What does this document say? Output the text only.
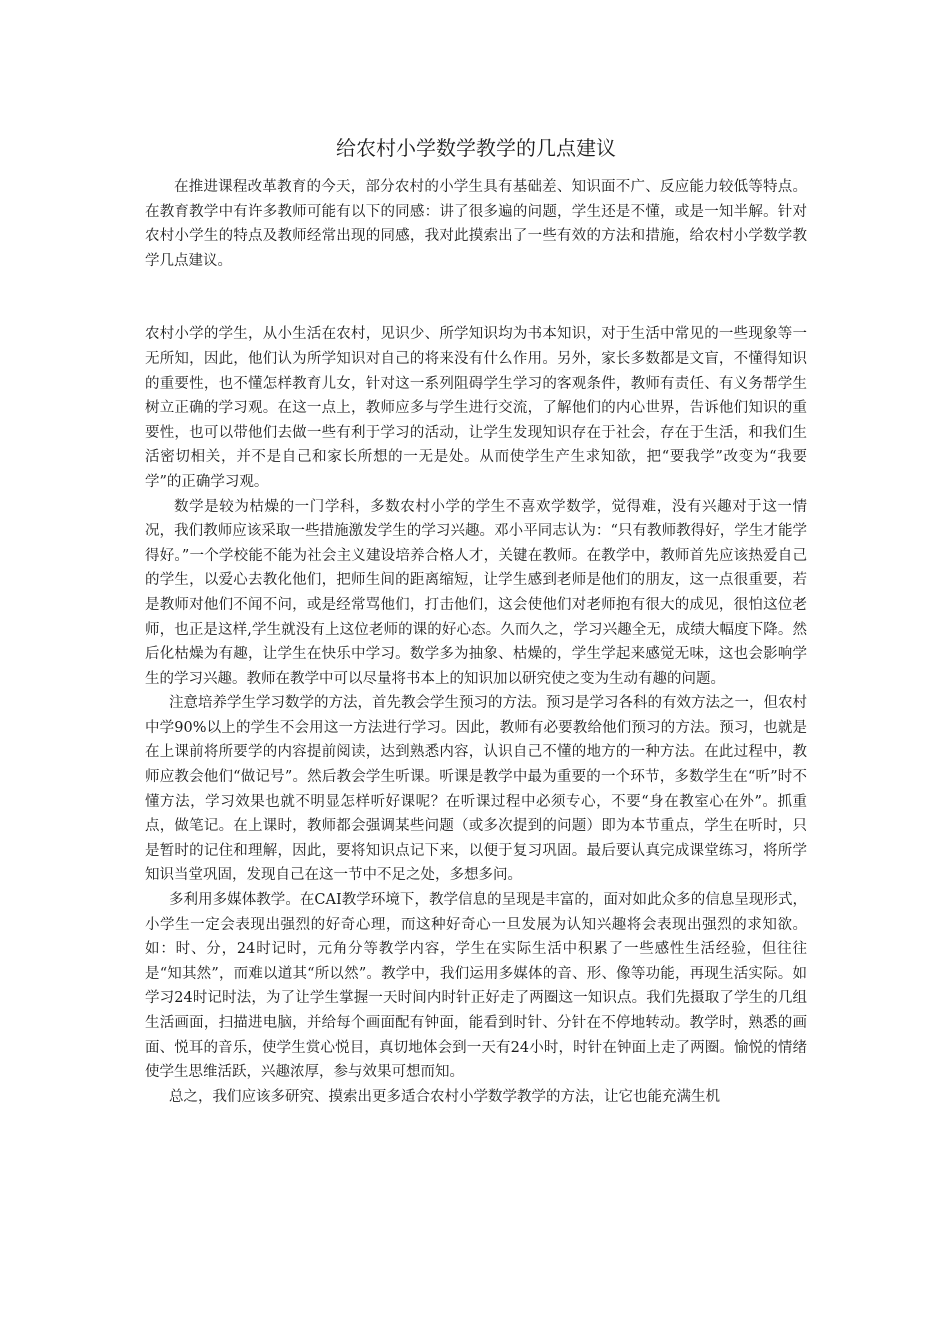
给农村小学数学教学的几点建议

在推进课程改革教育的今天，部分农村的小学生具有基础差、知识面不广、反应能力较低等特点。在教育教学中有许多教师可能有以下的同感：讲了很多遍的问题，学生还是不懂，或是一知半解。针对农村小学生的特点及教师经常出现的同感，我对此摸索出了一些有效的方法和措施，给农村小学数学教学几点建议。

农村小学的学生，从小生活在农村，见识少、所学知识均为书本知识，对于生活中常见的一些现象等一无所知，因此，他们认为所学知识对自己的将来没有什么作用。另外，家长多数都是文盲，不懂得知识的重要性，也不懂怎样教育儿女，针对这一系列阻碍学生学习的客观条件，教师有责任、有义务帮学生树立正确的学习观。在这一点上，教师应多与学生进行交流，了解他们的内心世界，告诉他们知识的重要性，也可以带他们去做一些有利于学习的活动，让学生发现知识存在于社会，存在于生活，和我们生活密切相关，并不是自己和家长所想的一无是处。从而使学生产生求知欲，把“要我学”改变为“我要学”的正确学习观。

数学是较为枯燥的一门学科，多数农村小学的学生不喜欢学数学，觉得难，没有兴趣对于这一情况，我们教师应该采取一些措施激发学生的学习兴趣。邓小平同志认为：“只有教师教得好，学生才能学得好。”一个学校能不能为社会主义建设培养合格人才，关键在教师。在教学中，教师首先应该热爱自己的学生，以爱心去教化他们，把师生间的距离缩短，让学生感到老师是他们的朋友，这一点很重要，若是教师对他们不闻不问，或是经常骂他们，打击他们，这会使他们对老师抱有很大的成见，很怕这位老师，也正是这样,学生就没有上这位老师的课的好心态。久而久之，学习兴趣全无，成绩大幅度下降。然后化枯燥为有趣，让学生在快乐中学习。数学多为抽象、枯燥的，学生学起来感觉无味，这也会影响学生的学习兴趣。教师在教学中可以尽量将书本上的知识加以研究使之变为生动有趣的问题。

注意培养学生学习数学的方法，首先教会学生预习的方法。预习是学习各科的有效方法之一，但农村中学90%以上的学生不会用这一方法进行学习。因此，教师有必要教给他们预习的方法。预习，也就是在上课前将所要学的内容提前阅读，达到熟悉内容，认识自己不懂的地方的一种方法。在此过程中，教师应教会他们“做记号”。然后教会学生听课。听课是教学中最为重要的一个环节，多数学生在“听”时不懂方法，学习效果也就不明显怎样听好课呢？在听课过程中必须专心，不要“身在教室心在外”。抓重点，做笔记。在上课时，教师都会强调某些问题（或多次提到的问题）即为本节重点，学生在听时，只是暂时的记住和理解，因此，要将知识点记下来，以便于复习巩固。最后要认真完成课堂练习，将所学知识当堂巩固，发现自己在这一节中不足之处，多想多问。

多利用多媒体教学。在CAI教学环境下，教学信息的呈现是丰富的，面对如此众多的信息呈现形式，小学生一定会表现出强烈的好奇心理，而这种好奇心一旦发展为认知兴趣将会表现出强烈的求知欲。如：时、分，24时记时，元角分等教学内容，学生在实际生活中积累了一些感性生活经验，但往往是“知其然”，而难以道其“所以然”。教学中，我们运用多媒体的音、形、像等功能，再现生活实际。如学习24时记时法，为了让学生掌握一天时间内时针正好走了两圈这一知识点。我们先摄取了学生的几组生活画面，扫描进电脑，并给每个画面配有钟面，能看到时针、分针在不停地转动。教学时，熟悉的画面、悦耳的音乐，使学生赏心悦目，真切地体会到一天有24小时，时针在钟面上走了两圈。愉悦的情绪使学生思维活跃，兴趣浓厚，参与效果可想而知。

总之，我们应该多研究、摸索出更多适合农村小学数学教学的方法，让它也能充满生机
